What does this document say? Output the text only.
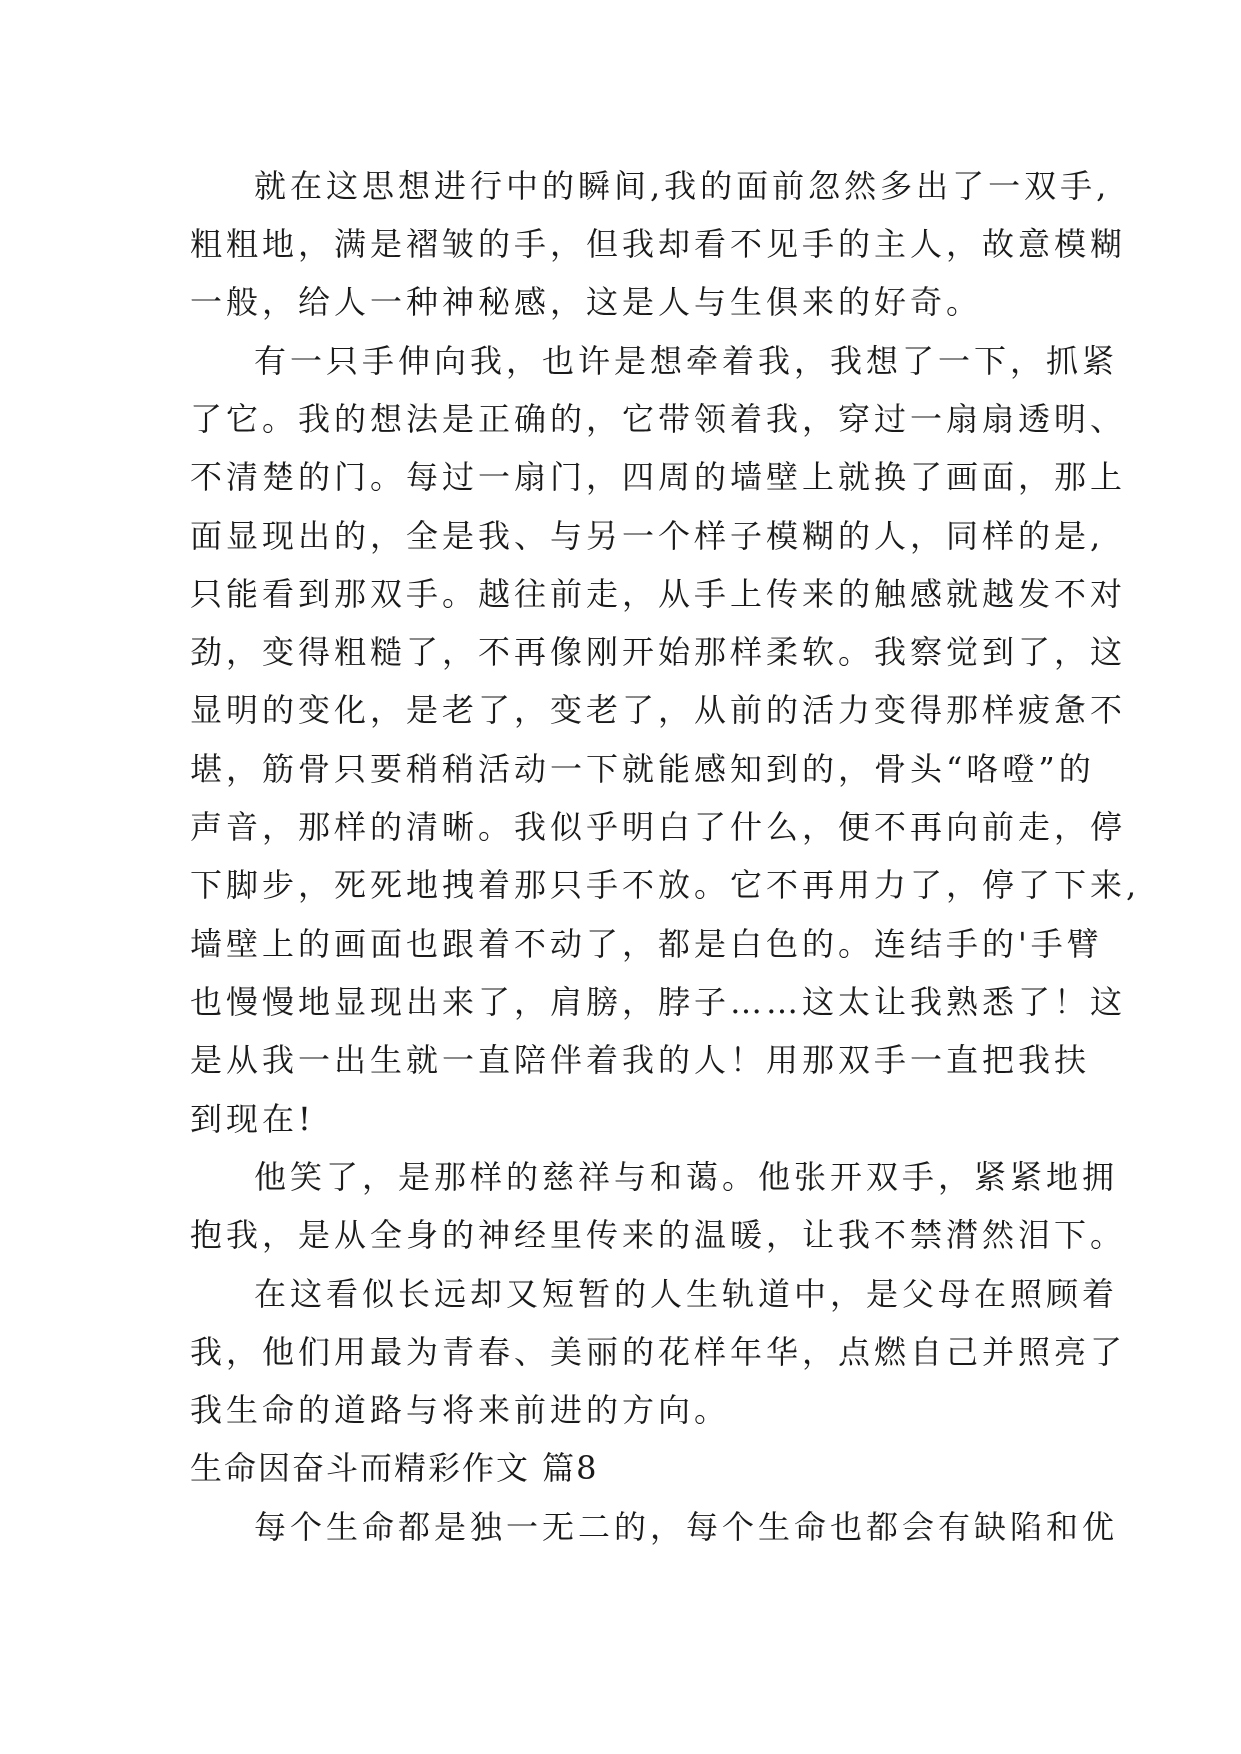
就在这思想进行中的瞬间,我的面前忽然多出了一双手,
粗粗地，满是褶皱的手，但我却看不见手的主人，故意模糊
一般，给人一种神秘感，这是人与生俱来的好奇。
有一只手伸向我，也许是想牵着我，我想了一下，抓紧
了它。我的想法是正确的，它带领着我，穿过一扇扇透明、
不清楚的门。每过一扇门，四周的墙壁上就换了画面，那上
面显现出的，全是我、与另一个样子模糊的人，同样的是,
只能看到那双手。越往前走，从手上传来的触感就越发不对
劲，变得粗糙了，不再像刚开始那样柔软。我察觉到了，这
显明的变化，是老了，变老了，从前的活力变得那样疲惫不
堪，筋骨只要稍稍活动一下就能感知到的，骨头“咯噔”的
声音，那样的清晰。我似乎明白了什么，便不再向前走，停
下脚步，死死地拽着那只手不放。它不再用力了，停了下来,
墙壁上的画面也跟着不动了，都是白色的。连结手的'手臂
也慢慢地显现出来了，肩膀，脖子……这太让我熟悉了！这
是从我一出生就一直陪伴着我的人！用那双手一直把我扶
到现在!
他笑了，是那样的慈祥与和蔼。他张开双手，紧紧地拥
抱我，是从全身的神经里传来的温暖，让我不禁潸然泪下。
在这看似长远却又短暂的人生轨道中，是父母在照顾着
我，他们用最为青春、美丽的花样年华，点燃自己并照亮了
我生命的道路与将来前进的方向。
生命因奋斗而精彩作文 篇8
每个生命都是独一无二的，每个生命也都会有缺陷和优
